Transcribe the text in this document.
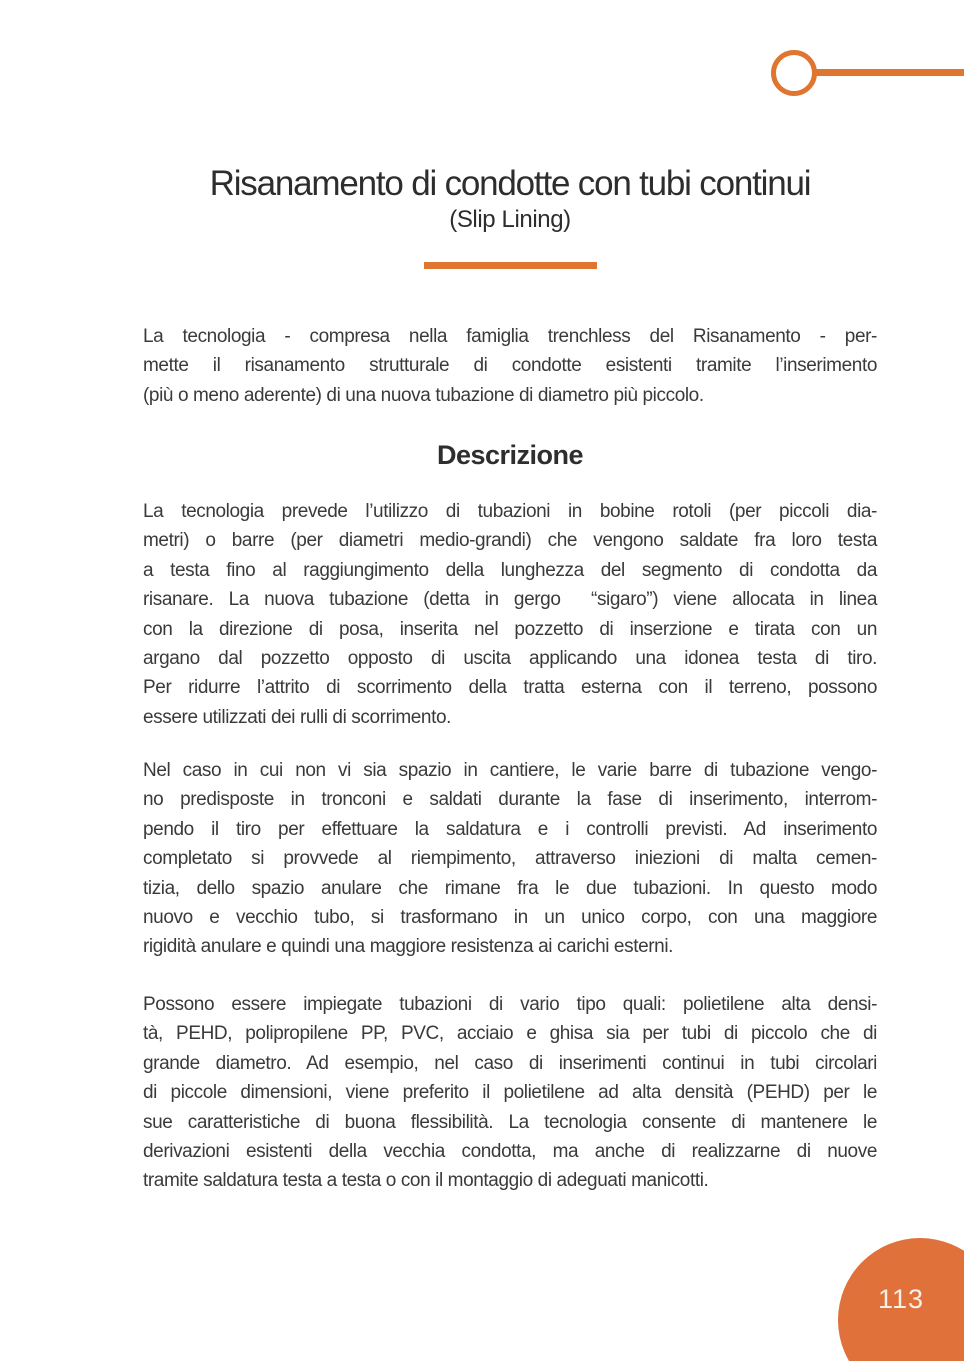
Risanamento di condotte con tubi continui
(Slip Lining)
La tecnologia - compresa nella famiglia trenchless del Risanamento - per-
mette il risanamento strutturale di condotte esistenti tramite l’inserimento
(più o meno aderente) di una nuova tubazione di diametro più piccolo.
Descrizione
La tecnologia prevede l’utilizzo di tubazioni in bobine rotoli (per piccoli dia-
metri) o barre (per diametri medio-grandi) che vengono saldate fra loro testa
a testa fino al raggiungimento della lunghezza del segmento di condotta da
risanare. La nuova tubazione (detta in gergo  “sigaro”) viene allocata in linea
con la direzione di posa, inserita nel pozzetto di inserzione e tirata con un
argano dal pozzetto opposto di uscita applicando una idonea testa di tiro.
Per ridurre l’attrito di scorrimento della tratta esterna con il terreno, possono
essere utilizzati dei rulli di scorrimento.
Nel caso in cui non vi sia spazio in cantiere, le varie barre di tubazione vengo-
no predisposte in tronconi e saldati durante la fase di inserimento, interrom-
pendo il tiro per effettuare la saldatura e i controlli previsti. Ad inserimento
completato si provvede al riempimento, attraverso iniezioni di malta cemen-
tizia, dello spazio anulare che rimane fra le due tubazioni. In questo modo
nuovo e vecchio tubo, si trasformano in un unico corpo, con una maggiore
rigidità anulare e quindi una maggiore resistenza ai carichi esterni.
Possono essere impiegate tubazioni di vario tipo quali: polietilene alta densi-
tà, PEHD, polipropilene PP, PVC, acciaio e ghisa sia per tubi di piccolo che di
grande diametro. Ad esempio, nel caso di inserimenti continui in tubi circolari
di piccole dimensioni, viene preferito il polietilene ad alta densità (PEHD) per le
sue caratteristiche di buona flessibilità. La tecnologia consente di mantenere le
derivazioni esistenti della vecchia condotta, ma anche di realizzarne di nuove
tramite saldatura testa a testa o con il montaggio di adeguati manicotti.
113
